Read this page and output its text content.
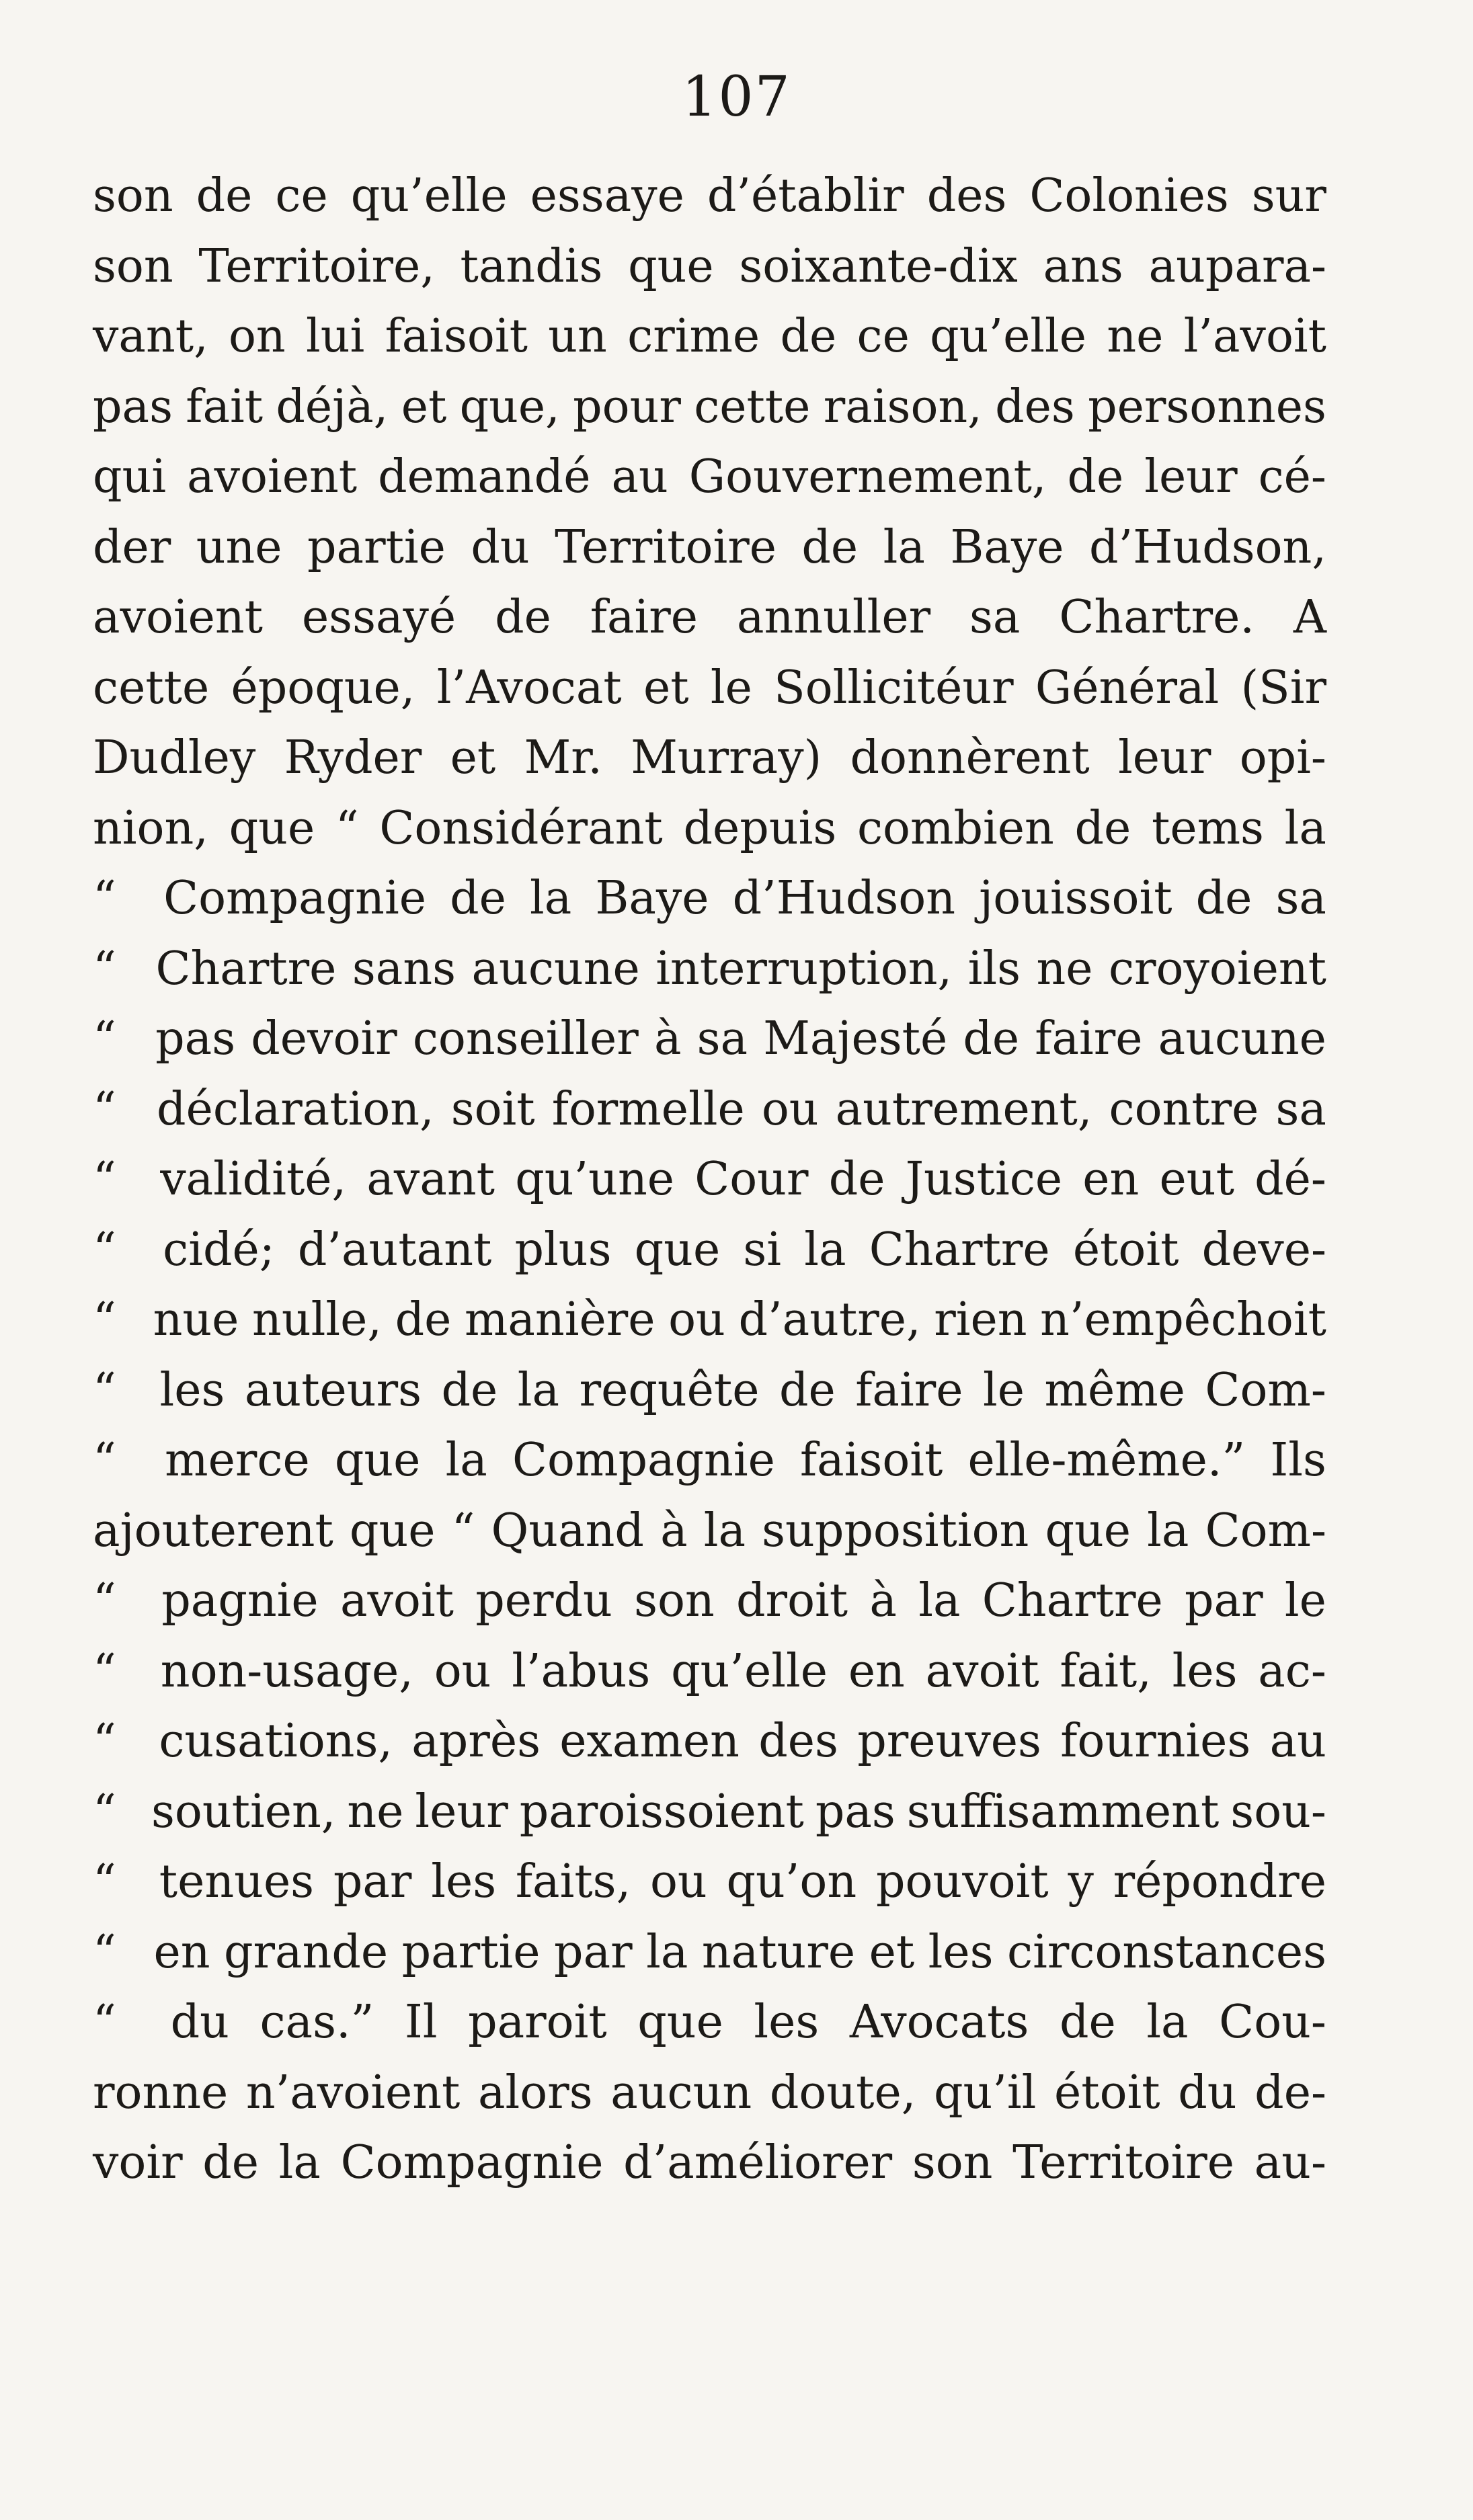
107
son de ce qu’elle essaye d’établir des Colonies sur
son Territoire, tandis que soixante-dix ans aupara-
vant, on lui faisoit un crime de ce qu’elle ne l’avoit
pas fait déjà, et que, pour cette raison, des personnes
qui avoient demandé au Gouvernement, de leur cé-
der une partie du Territoire de la Baye d’Hudson,
avoient essayé de faire annuller sa Chartre. A
cette époque, l’Avocat et le Sollicitéur Général (Sir
Dudley Ryder et Mr. Murray) donnèrent leur opi-
nion, que “ Considérant depuis combien de tems la
“	Compagnie de la Baye d’Hudson jouissoit de sa
“ Chartre sans aucune interruption, ils ne croyoient
“ pas devoir conseiller à sa Majesté de faire aucune
“ déclaration, soit formelle ou autrement, contre sa
“ validité, avant qu’une Cour de Justice en eut dé-
“	cidé; d’autant plus que si la Chartre étoit deve-
“ nue nulle, de manière ou d’autre, rien n’empêchoit
“ les auteurs de la requête de faire le même Com-
“	merce que la Compagnie faisoit elle-même.” Ils
ajouterent que “ Quand à la supposition que la Com-
“ pagnie avoit perdu son droit à la Chartre par le
“ non-usage, ou l’abus qu’elle en avoit fait, les ac-
“ cusations, après examen des preuves fournies au
“ soutien, ne leur paroissoient pas suffisamment sou-
“ tenues par les faits, ou qu’on pouvoit y répondre
“ en grande partie par la nature et les circonstances
“	du cas.” Il paroit que les Avocats de la Cou-
ronne n’avoient alors aucun doute, qu’il étoit du de-
voir de la Compagnie d’améliorer son Territoire au-
